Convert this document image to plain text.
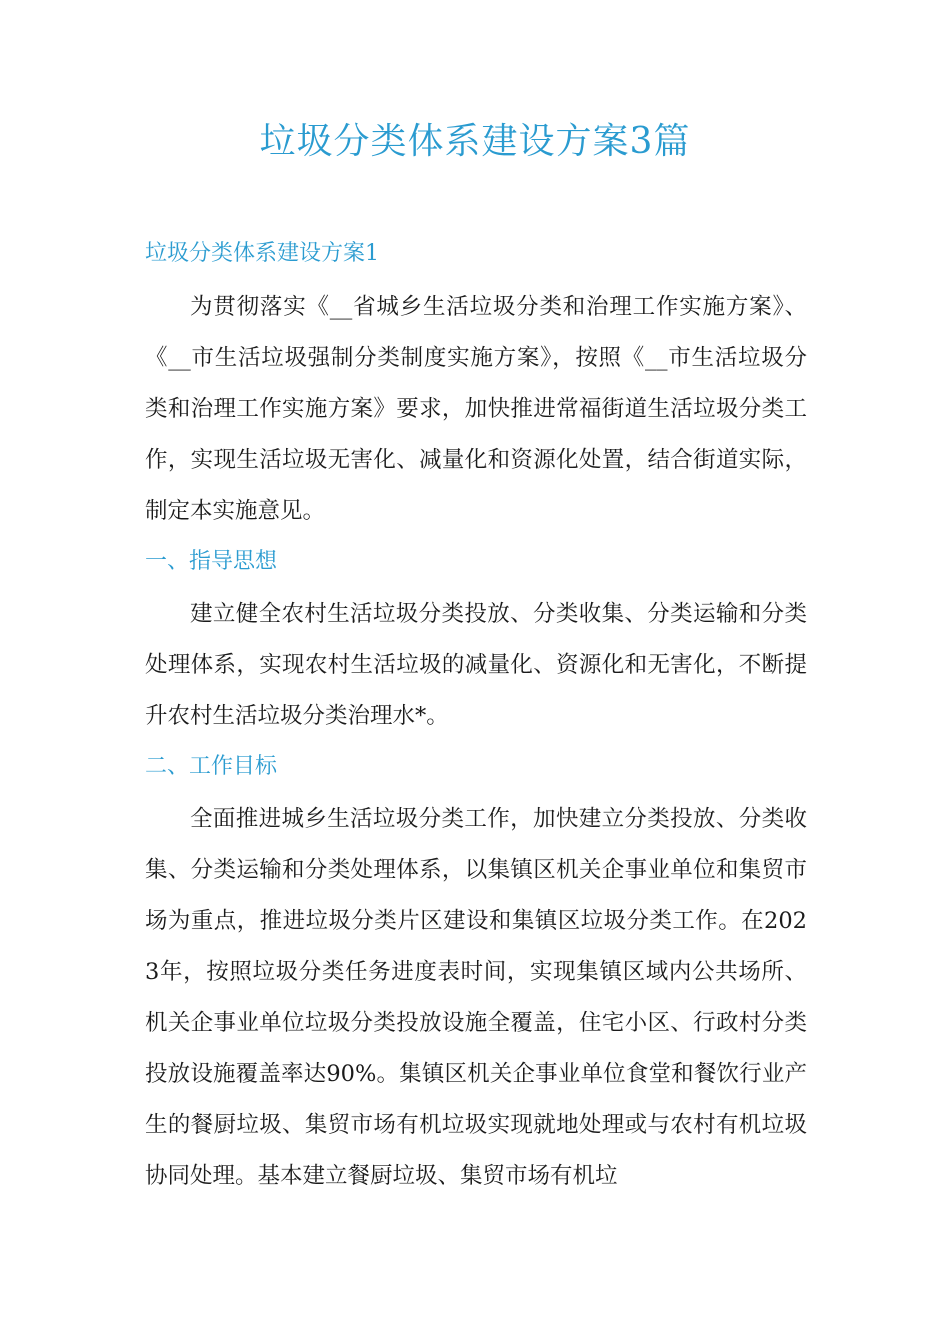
垃圾分类体系建设方案3篇
垃圾分类体系建设方案1

为贯彻落实《__省城乡生活垃圾分类和治理工作实施方案》、《__市生活垃圾强制分类制度实施方案》，按照《__市生活垃圾分类和治理工作实施方案》要求，加快推进常福街道生活垃圾分类工作，实现生活垃圾无害化、减量化和资源化处置，结合街道实际，制定本实施意见。

一、指导思想

建立健全农村生活垃圾分类投放、分类收集、分类运输和分类处理体系，实现农村生活垃圾的减量化、资源化和无害化，不断提升农村生活垃圾分类治理水*。

二、工作目标

全面推进城乡生活垃圾分类工作，加快建立分类投放、分类收集、分类运输和分类处理体系，以集镇区机关企事业单位和集贸市场为重点，推进垃圾分类片区建设和集镇区垃圾分类工作。在2023年，按照垃圾分类任务进度表时间，实现集镇区域内公共场所、机关企事业单位垃圾分类投放设施全覆盖，住宅小区、行政村分类投放设施覆盖率达90%。集镇区机关企事业单位食堂和餐饮行业产生的餐厨垃圾、集贸市场有机垃圾实现就地处理或与农村有机垃圾协同处理。基本建立餐厨垃圾、集贸市场有机垃
